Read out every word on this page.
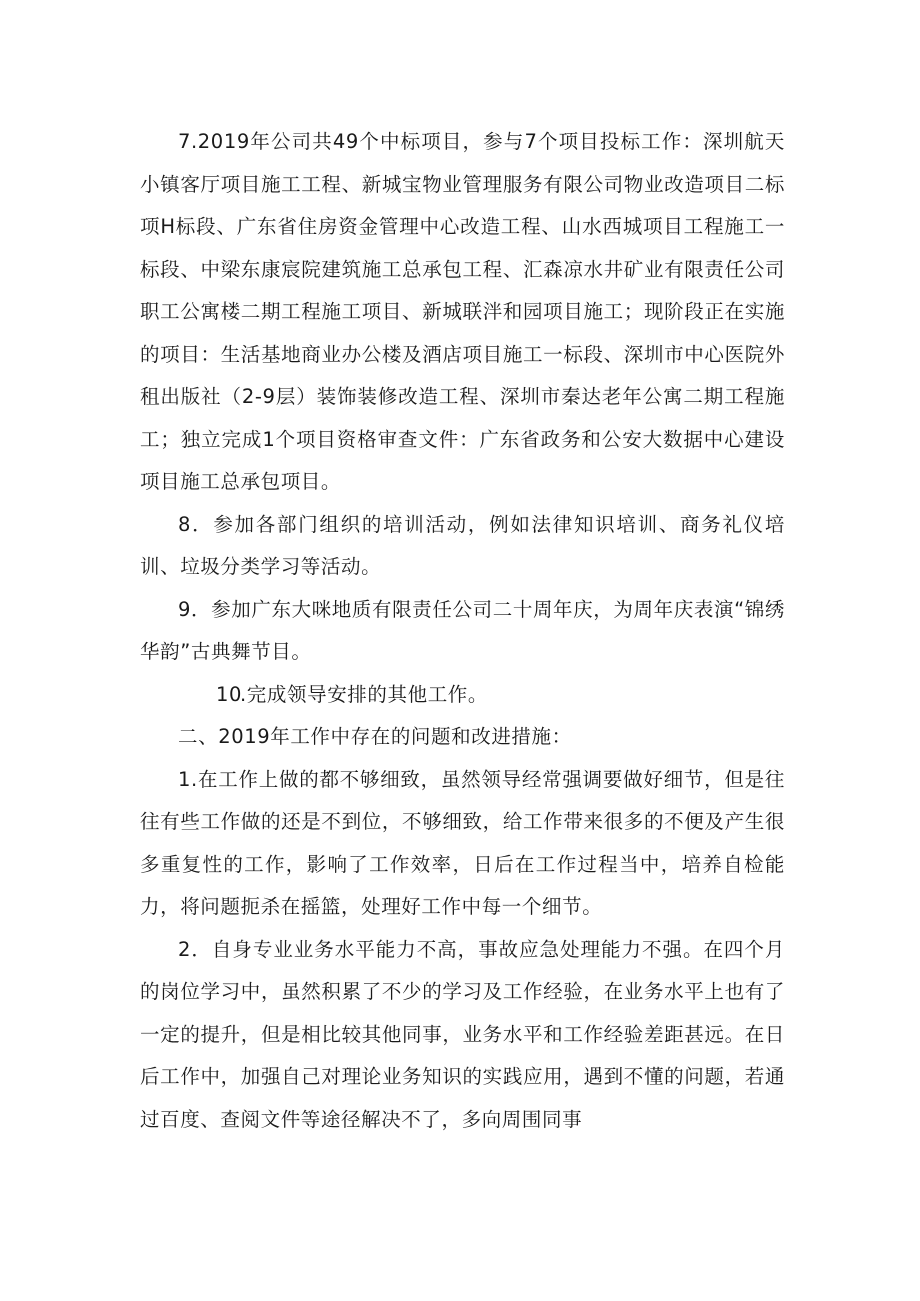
7.2019年公司共49个中标项目，参与7个项目投标工作：深圳航天小镇客厅项目施工工程、新城宝物业管理服务有限公司物业改造项目二标项H标段、广东省住房资金管理中心改造工程、山水西城项目工程施工一标段、中梁东康宸院建筑施工总承包工程、汇森凉水井矿业有限责任公司职工公寓楼二期工程施工项目、新城联泮和园项目施工；现阶段正在实施的项目：生活基地商业办公楼及酒店项目施工一标段、深圳市中心医院外租出版社（2-9层）装饰装修改造工程、深圳市秦达老年公寓二期工程施工；独立完成1个项目资格审查文件：广东省政务和公安大数据中心建设项目施工总承包项目。

8．参加各部门组织的培训活动，例如法律知识培训、商务礼仪培训、垃圾分类学习等活动。

9．参加广东大咪地质有限责任公司二十周年庆，为周年庆表演“锦绣华韵”古典舞节目。

10.完成领导安排的其他工作。

二、2019年工作中存在的问题和改进措施：

1.在工作上做的都不够细致，虽然领导经常强调要做好细节，但是往往有些工作做的还是不到位，不够细致，给工作带来很多的不便及产生很多重复性的工作，影响了工作效率，日后在工作过程当中，培养自检能力，将问题扼杀在摇篮，处理好工作中每一个细节。

2．自身专业业务水平能力不高，事故应急处理能力不强。在四个月的岗位学习中，虽然积累了不少的学习及工作经验，在业务水平上也有了一定的提升，但是相比较其他同事，业务水平和工作经验差距甚远。在日后工作中，加强自己对理论业务知识的实践应用，遇到不懂的问题，若通过百度、查阅文件等途径解决不了，多向周围同事
